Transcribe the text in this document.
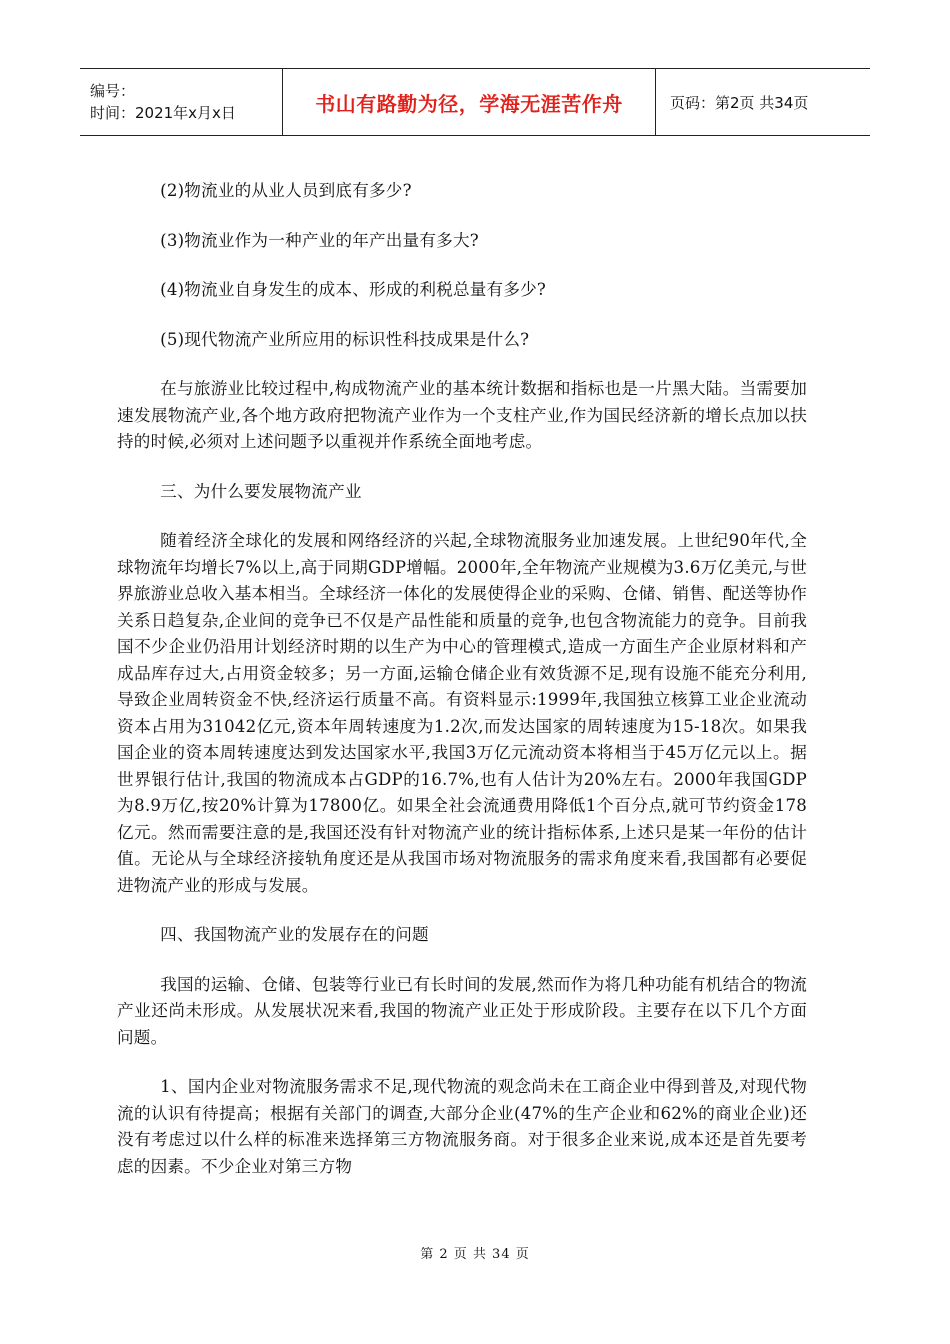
编号：
时间：2021年x月x日	书山有路勤为径，学海无涯苦作舟	页码：第2页 共34页

(2)物流业的从业人员到底有多少?

(3)物流业作为一种产业的年产出量有多大?

(4)物流业自身发生的成本、形成的利税总量有多少?

(5)现代物流产业所应用的标识性科技成果是什么?

在与旅游业比较过程中,构成物流产业的基本统计数据和指标也是一片黑大陆。当需要加速发展物流产业,各个地方政府把物流产业作为一个支柱产业,作为国民经济新的增长点加以扶持的时候,必须对上述问题予以重视并作系统全面地考虑。

三、为什么要发展物流产业

随着经济全球化的发展和网络经济的兴起,全球物流服务业加速发展。上世纪90年代,全球物流年均增长7%以上,高于同期GDP增幅。2000年,全年物流产业规模为3.6万亿美元,与世界旅游业总收入基本相当。全球经济一体化的发展使得企业的采购、仓储、销售、配送等协作关系日趋复杂,企业间的竞争已不仅是产品性能和质量的竞争,也包含物流能力的竞争。目前我国不少企业仍沿用计划经济时期的以生产为中心的管理模式,造成一方面生产企业原材料和产成品库存过大,占用资金较多；另一方面,运输仓储企业有效货源不足,现有设施不能充分利用,导致企业周转资金不快,经济运行质量不高。有资料显示:1999年,我国独立核算工业企业流动资本占用为31042亿元,资本年周转速度为1.2次,而发达国家的周转速度为15-18次。如果我国企业的资本周转速度达到发达国家水平,我国3万亿元流动资本将相当于45万亿元以上。据世界银行估计,我国的物流成本占GDP的16.7%,也有人估计为20%左右。2000年我国GDP为8.9万亿,按20%计算为17800亿。如果全社会流通费用降低1个百分点,就可节约资金178亿元。然而需要注意的是,我国还没有针对物流产业的统计指标体系,上述只是某一年份的估计值。无论从与全球经济接轨角度还是从我国市场对物流服务的需求角度来看,我国都有必要促进物流产业的形成与发展。

四、我国物流产业的发展存在的问题

我国的运输、仓储、包装等行业已有长时间的发展,然而作为将几种功能有机结合的物流产业还尚未形成。从发展状况来看,我国的物流产业正处于形成阶段。主要存在以下几个方面问题。

1、国内企业对物流服务需求不足,现代物流的观念尚未在工商企业中得到普及,对现代物流的认识有待提高；根据有关部门的调查,大部分企业(47%的生产企业和62%的商业企业)还没有考虑过以什么样的标准来选择第三方物流服务商。对于很多企业来说,成本还是首先要考虑的因素。不少企业对第三方物

第 2 页 共 34 页
